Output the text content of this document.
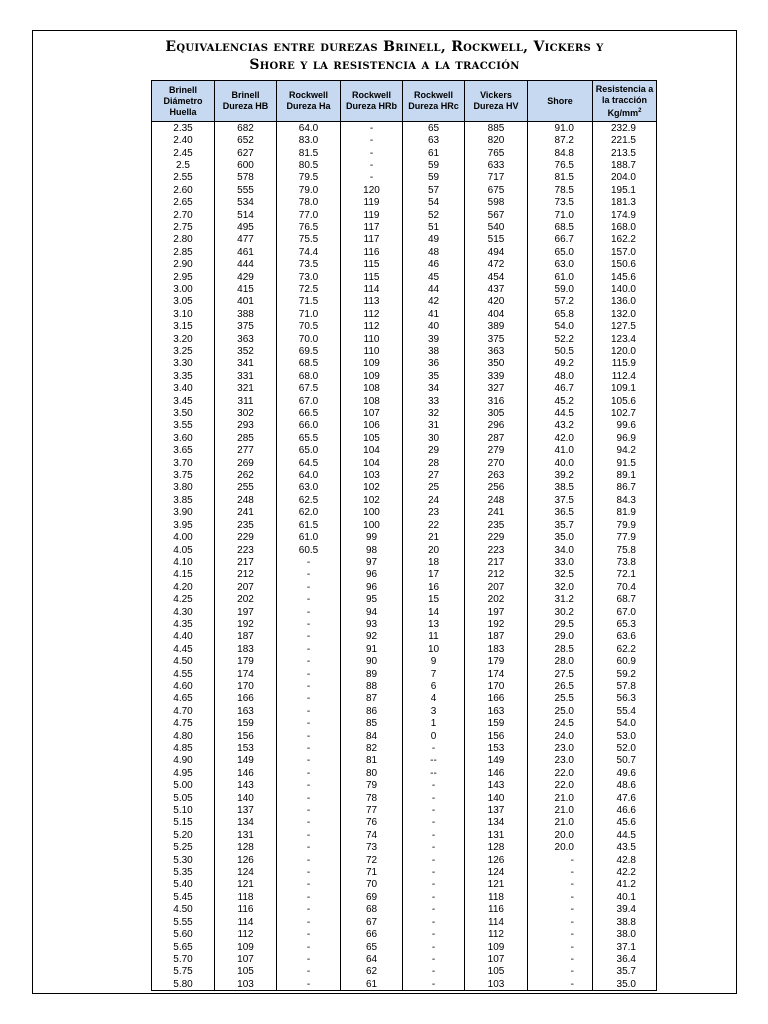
Equivalencias entre durezas Brinell, Rockwell, Vickers y
Shore y la resistencia a la tracción
Brinell Diámetro Huella	Brinell Dureza HB	Rockwell Dureza Ha	Rockwell Dureza HRb	Rockwell Dureza HRc	Vickers Dureza HV	Shore	Resistencia a la tracción $Kg/mm^2$
2.35	682	64.0	-	65	885	91.0	232.9
2.40	652	83.0	-	63	820	87.2	221.5
2.45	627	81.5	-	61	765	84.8	213.5
2.5	600	80.5	-	59	633	76.5	188.7
2.55	578	79.5	-	59	717	81.5	204.0
2.60	555	79.0	120	57	675	78.5	195.1
2.65	534	78.0	119	54	598	73.5	181.3
2.70	514	77.0	119	52	567	71.0	174.9
2.75	495	76.5	117	51	540	68.5	168.0
2.80	477	75.5	117	49	515	66.7	162.2
2.85	461	74.4	116	48	494	65.0	157.0
2.90	444	73.5	115	46	472	63.0	150.6
2.95	429	73.0	115	45	454	61.0	145.6
3.00	415	72.5	114	44	437	59.0	140.0
3.05	401	71.5	113	42	420	57.2	136.0
3.10	388	71.0	112	41	404	65.8	132.0
3.15	375	70.5	112	40	389	54.0	127.5
3.20	363	70.0	110	39	375	52.2	123.4
3.25	352	69.5	110	38	363	50.5	120.0
3.30	341	68.5	109	36	350	49.2	115.9
3.35	331	68.0	109	35	339	48.0	112.4
3.40	321	67.5	108	34	327	46.7	109.1
3.45	311	67.0	108	33	316	45.2	105.6
3.50	302	66.5	107	32	305	44.5	102.7
3.55	293	66.0	106	31	296	43.2	99.6
3.60	285	65.5	105	30	287	42.0	96.9
3.65	277	65.0	104	29	279	41.0	94.2
3.70	269	64.5	104	28	270	40.0	91.5
3.75	262	64.0	103	27	263	39.2	89.1
3.80	255	63.0	102	25	256	38.5	86.7
3.85	248	62.5	102	24	248	37.5	84.3
3.90	241	62.0	100	23	241	36.5	81.9
3.95	235	61.5	100	22	235	35.7	79.9
4.00	229	61.0	99	21	229	35.0	77.9
4.05	223	60.5	98	20	223	34.0	75.8
4.10	217	-	97	18	217	33.0	73.8
4.15	212	-	96	17	212	32.5	72.1
4.20	207	-	96	16	207	32.0	70.4
4.25	202	-	95	15	202	31.2	68.7
4.30	197	-	94	14	197	30.2	67.0
4.35	192	-	93	13	192	29.5	65.3
4.40	187	-	92	11	187	29.0	63.6
4.45	183	-	91	10	183	28.5	62.2
4.50	179	-	90	9	179	28.0	60.9
4.55	174	-	89	7	174	27.5	59.2
4.60	170	-	88	6	170	26.5	57.8
4.65	166	-	87	4	166	25.5	56.3
4.70	163	-	86	3	163	25.0	55.4
4.75	159	-	85	1	159	24.5	54.0
4.80	156	-	84	0	156	24.0	53.0
4.85	153	-	82	-	153	23.0	52.0
4.90	149	-	81	--	149	23.0	50.7
4.95	146	-	80	--	146	22.0	49.6
5.00	143	-	79	-	143	22.0	48.6
5.05	140	-	78	-	140	21.0	47.6
5.10	137	-	77	-	137	21.0	46.6
5.15	134	-	76	-	134	21.0	45.6
5.20	131	-	74	-	131	20.0	44.5
5.25	128	-	73	-	128	20.0	43.5
5.30	126	-	72	-	126	-	42.8
5.35	124	-	71	-	124	-	42.2
5.40	121	-	70	-	121	-	41.2
5.45	118	-	69	-	118	-	40.1
4.50	116	-	68	-	116	-	39.4
5.55	114	-	67	-	114	-	38.8
5.60	112	-	66	-	112	-	38.0
5.65	109	-	65	-	109	-	37.1
5.70	107	-	64	-	107	-	36.4
5.75	105	-	62	-	105	-	35.7
5.80	103	-	61	-	103	-	35.0
